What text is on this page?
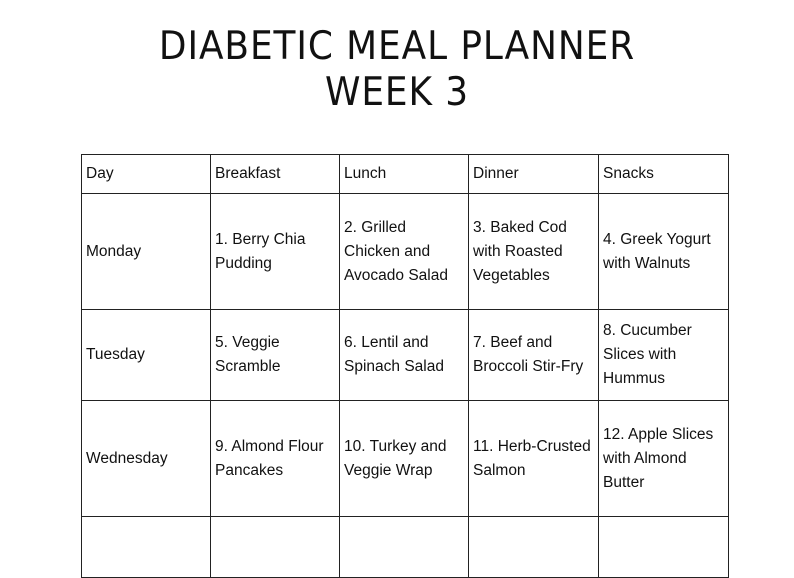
DIABETIC MEAL PLANNER
WEEK 3
Day	Breakfast	Lunch	Dinner	Snacks
Monday	1. Berry Chia Pudding	2. Grilled Chicken and Avocado Salad	3. Baked Cod with Roasted Vegetables	4. Greek Yogurt with Walnuts
Tuesday	5. Veggie Scramble	6. Lentil and Spinach Salad	7. Beef and Broccoli Stir-Fry	8. Cucumber Slices with Hummus
Wednesday	9. Almond Flour Pancakes	10. Turkey and Veggie Wrap	11. Herb-Crusted Salmon	12. Apple Slices with Almond Butter
